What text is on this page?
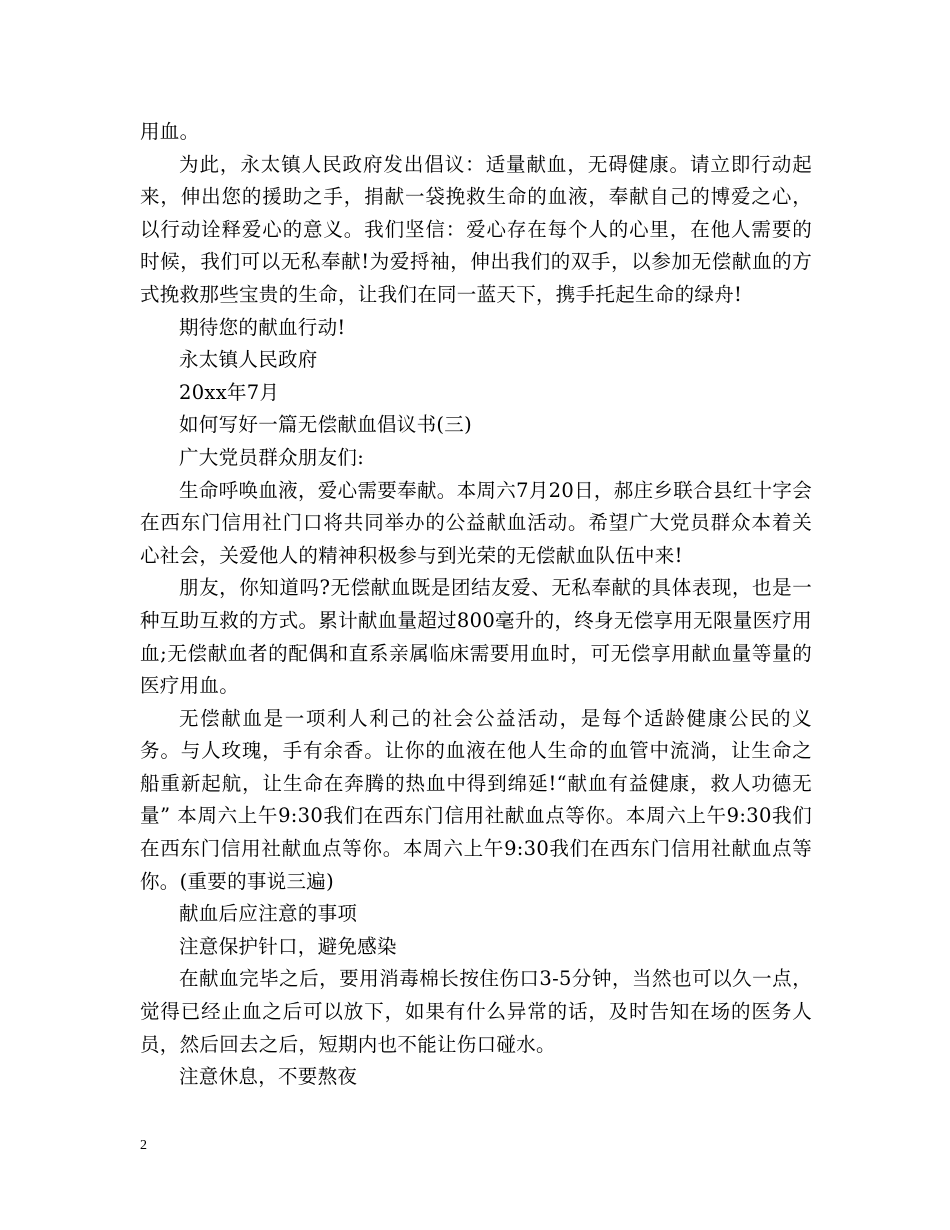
用血。

为此，永太镇人民政府发出倡议：适量献血，无碍健康。请立即行动起来，伸出您的援助之手，捐献一袋挽救生命的血液，奉献自己的博爱之心，以行动诠释爱心的意义。我们坚信：爱心存在每个人的心里，在他人需要的时候，我们可以无私奉献!为爱捋袖，伸出我们的双手，以参加无偿献血的方式挽救那些宝贵的生命，让我们在同一蓝天下，携手托起生命的绿舟!

期待您的献血行动!

永太镇人民政府

20xx年7月

如何写好一篇无偿献血倡议书(三)

广大党员群众朋友们:

生命呼唤血液，爱心需要奉献。本周六7月20日，郝庄乡联合县红十字会在西东门信用社门口将共同举办的公益献血活动。希望广大党员群众本着关心社会，关爱他人的精神积极参与到光荣的无偿献血队伍中来!

朋友，你知道吗?无偿献血既是团结友爱、无私奉献的具体表现，也是一种互助互救的方式。累计献血量超过800毫升的，终身无偿享用无限量医疗用血;无偿献血者的配偶和直系亲属临床需要用血时，可无偿享用献血量等量的医疗用血。

无偿献血是一项利人利己的社会公益活动，是每个适龄健康公民的义务。与人玫瑰，手有余香。让你的血液在他人生命的血管中流淌，让生命之船重新起航，让生命在奔腾的热血中得到绵延!“献血有益健康，救人功德无量” 本周六上午9:30我们在西东门信用社献血点等你。本周六上午9:30我们在西东门信用社献血点等你。本周六上午9:30我们在西东门信用社献血点等你。(重要的事说三遍)

献血后应注意的事项

注意保护针口，避免感染

在献血完毕之后，要用消毒棉长按住伤口3-5分钟，当然也可以久一点，觉得已经止血之后可以放下，如果有什么异常的话，及时告知在场的医务人员，然后回去之后，短期内也不能让伤口碰水。

注意休息，不要熬夜

2
